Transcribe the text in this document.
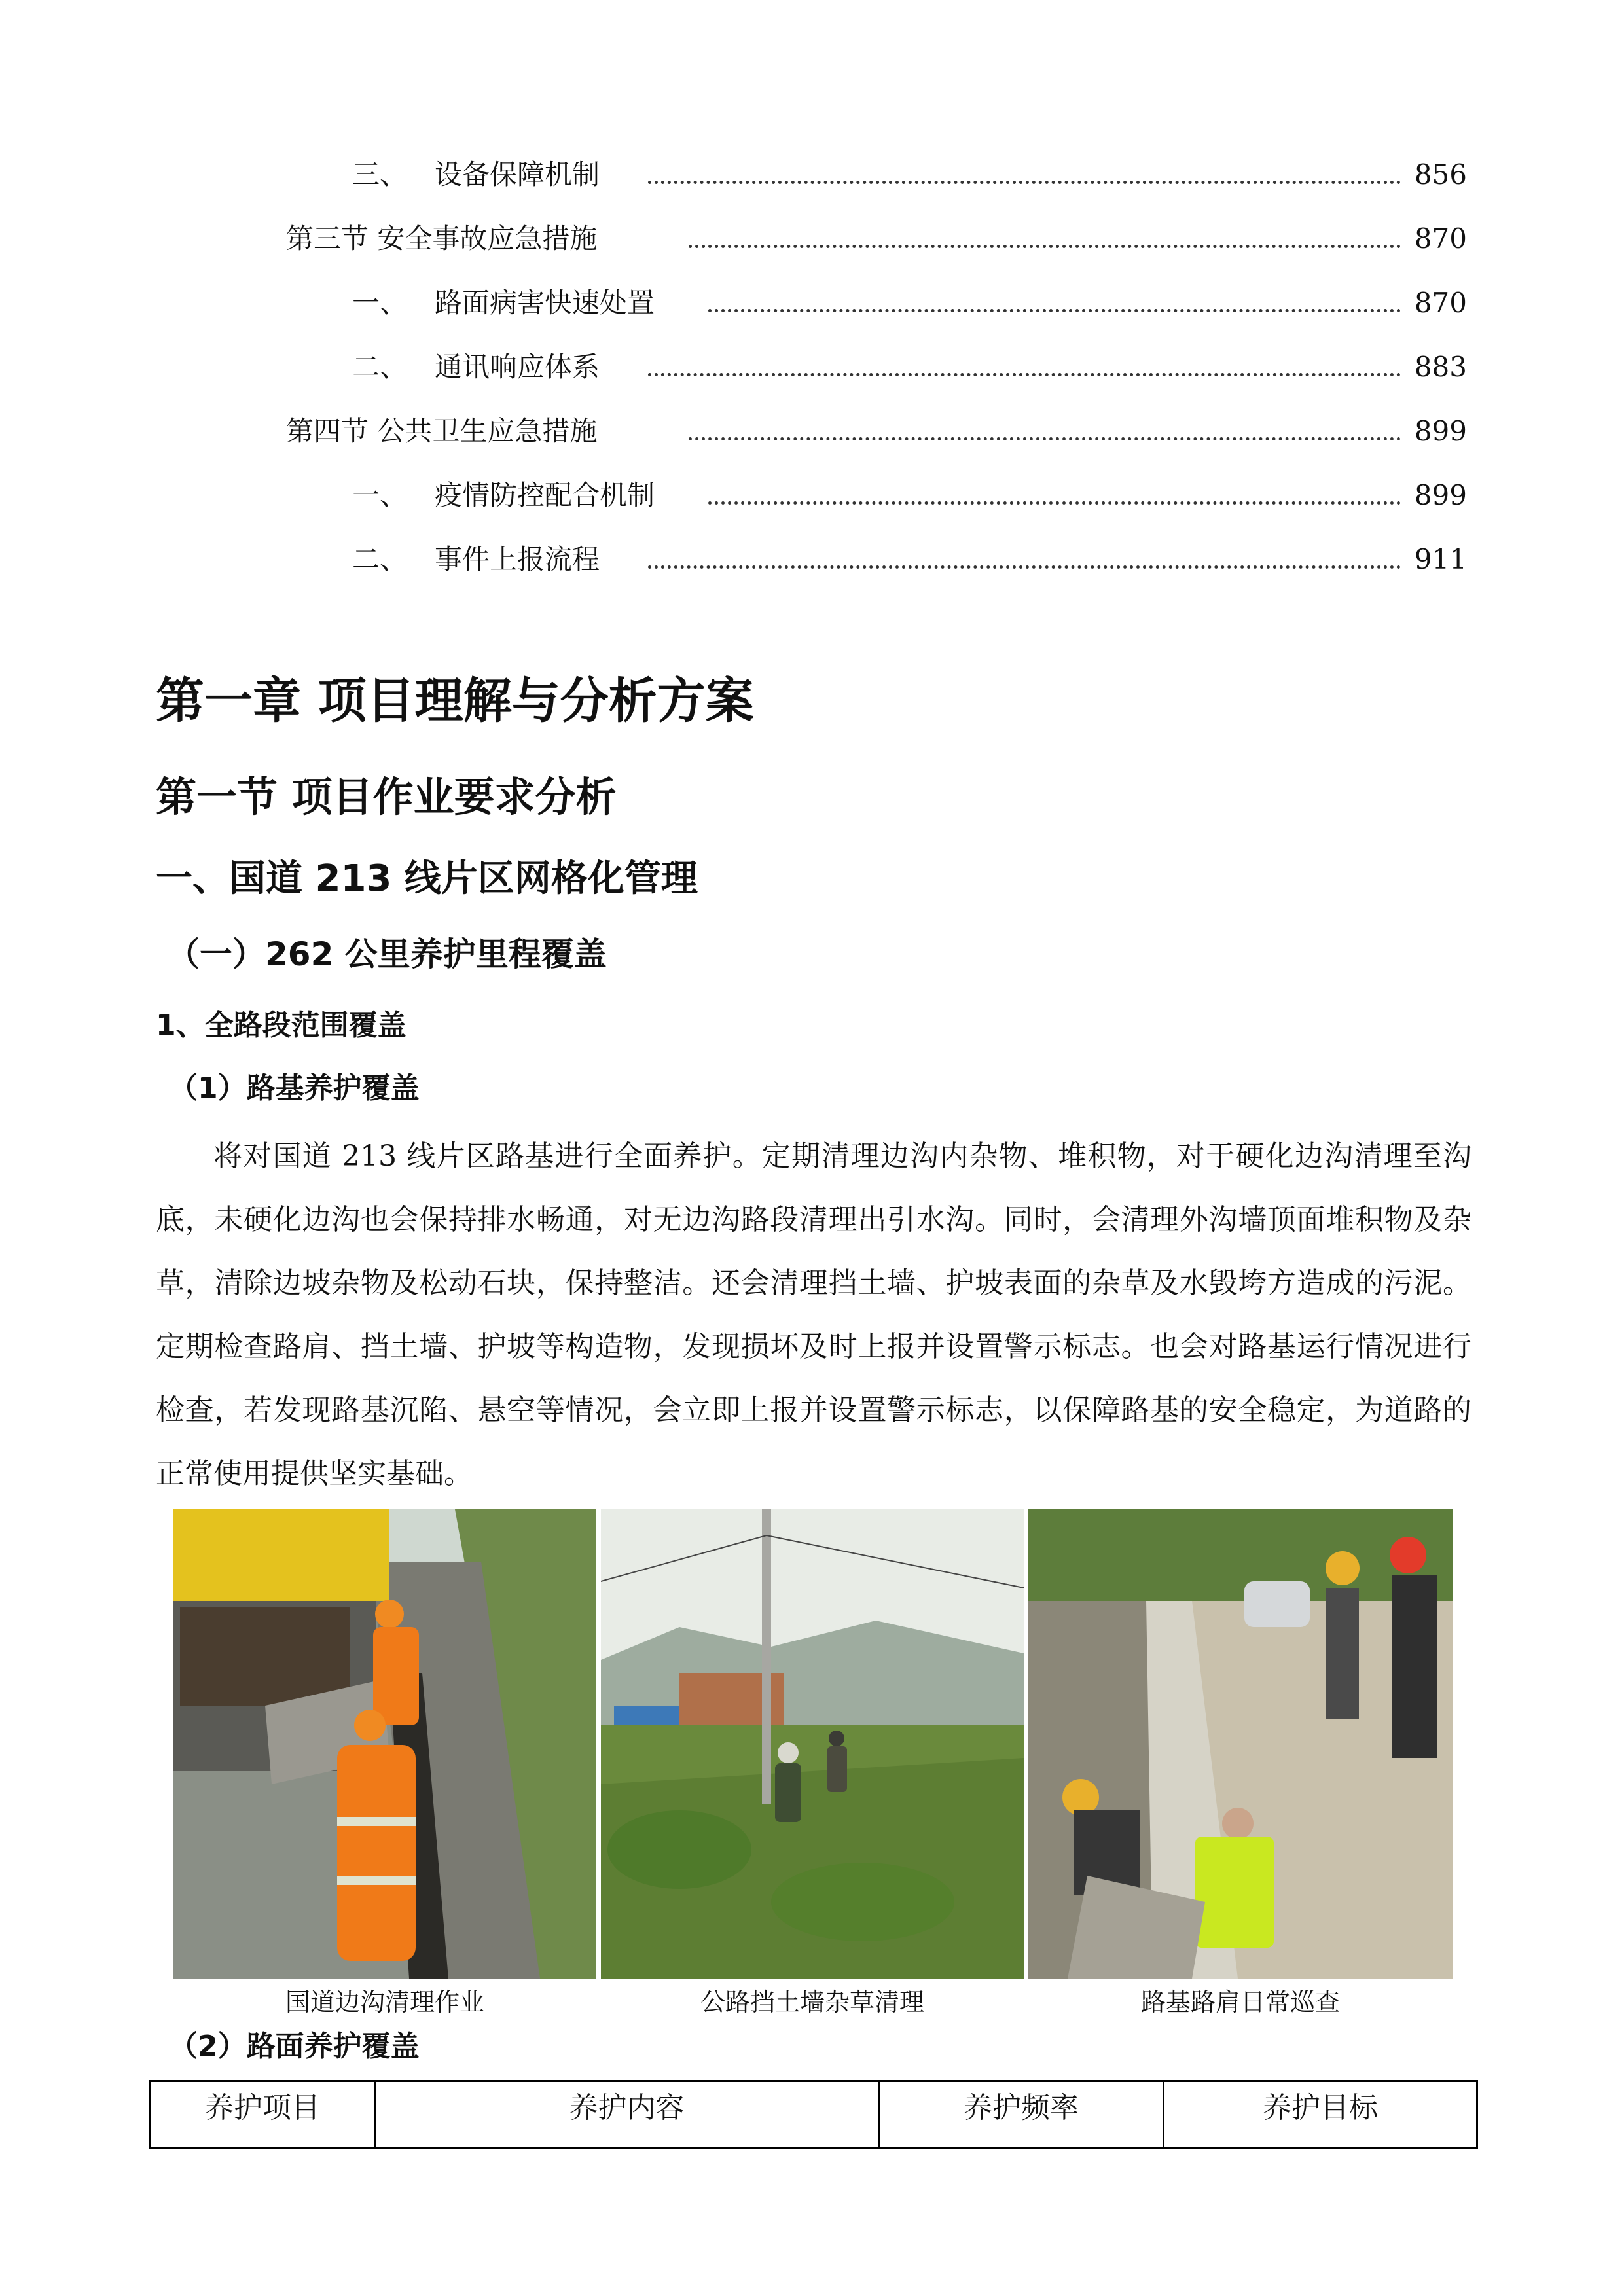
三、 设备保障机制	856
第三节 安全事故应急措施	870
一、 路面病害快速处置	870
二、 通讯响应体系	883
第四节 公共卫生应急措施	899
一、 疫情防控配合机制	899
二、 事件上报流程	911
第一章 项目理解与分析方案
第一节 项目作业要求分析
一、国道 213 线片区网格化管理
（一）262 公里养护里程覆盖
1、全路段范围覆盖
（1）路基养护覆盖
将对国道 213 线片区路基进行全面养护。定期清理边沟内杂物、堆积物，对于硬化边沟清理至沟底，未硬化边沟也会保持排水畅通，对无边沟路段清理出引水沟。同时，会清理外沟墙顶面堆积物及杂草，清除边坡杂物及松动石块，保持整洁。还会清理挡土墙、护坡表面的杂草及水毁垮方造成的污泥。定期检查路肩、挡土墙、护坡等构造物，发现损坏及时上报并设置警示标志。也会对路基运行情况进行检查，若发现路基沉陷、悬空等情况，会立即上报并设置警示标志，以保障路基的安全稳定，为道路的正常使用提供坚实基础。
国道边沟清理作业	公路挡土墙杂草清理	路基路肩日常巡查
（2）路面养护覆盖
养护项目	养护内容	养护频率	养护目标
